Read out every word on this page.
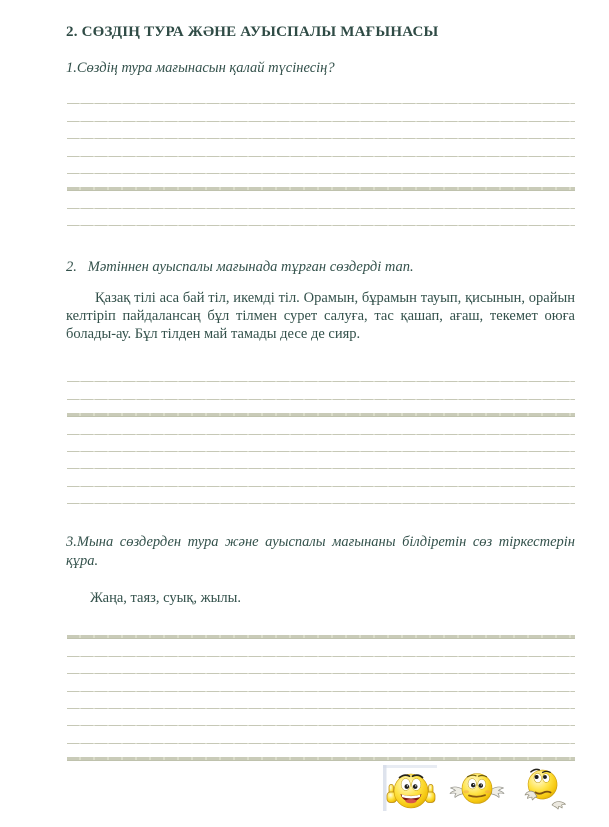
2. СӨЗДІҢ ТУРА ЖӘНЕ АУЫСПАЛЫ МАҒЫНАСЫ
1.Сөздің тура мағынасын қалай түсінесің?
2.   Мәтіннен ауыспалы мағынада тұрған сөздерді тап.
Қазақ тілі аса бай тіл, икемді тіл. Орамын, бұрамын тауып, қисынын, орайын келтіріп пайдалансаң бұл тілмен сурет салуға, тас қашап, ағаш, текемет оюға болады-ау. Бұл тілден май тамады десе де сияр.
3.Мына сөздерден тура және ауыспалы мағынаны білдіретін сөз тіркестерін құра.
Жаңа, таяз, суық, жылы.
